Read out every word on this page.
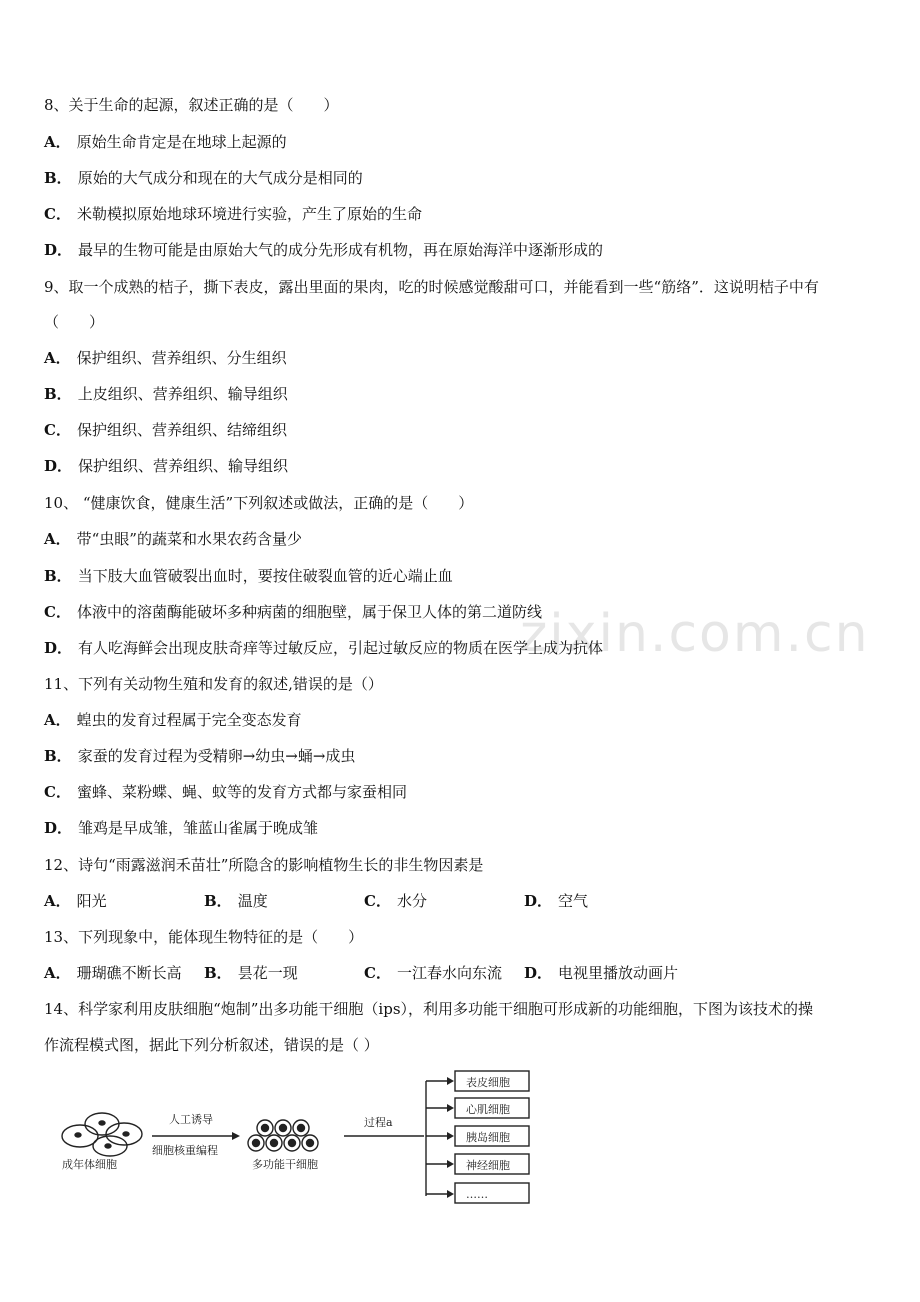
zixin.com.cn
8、关于生命的起源，叙述正确的是（　　）
A． 原始生命肯定是在地球上起源的
B． 原始的大气成分和现在的大气成分是相同的
C． 米勒模拟原始地球环境进行实验，产生了原始的生命
D． 最早的生物可能是由原始大气的成分先形成有机物，再在原始海洋中逐渐形成的
9、取一个成熟的桔子，撕下表皮，露出里面的果肉，吃的时候感觉酸甜可口，并能看到一些“筋络”．这说明桔子中有
（　　）
A． 保护组织、营养组织、分生组织
B． 上皮组织、营养组织、输导组织
C． 保护组织、营养组织、结缔组织
D． 保护组织、营养组织、输导组织
10、 “健康饮食，健康生活”下列叙述或做法，正确的是（　　）
A． 带“虫眼”的蔬菜和水果农药含量少
B． 当下肢大血管破裂出血时，要按住破裂血管的近心端止血
C． 体液中的溶菌酶能破坏多种病菌的细胞壁，属于保卫人体的第二道防线
D． 有人吃海鲜会出现皮肤奇痒等过敏反应，引起过敏反应的物质在医学上成为抗体
11、下列有关动物生殖和发育的叙述,错误的是（）
A． 蝗虫的发育过程属于完全变态发育
B． 家蚕的发育过程为受精卵→幼虫→蛹→成虫
C． 蜜蜂、菜粉蝶、蝇、蚊等的发育方式都与家蚕相同
D． 雏鸡是早成雏，雏蓝山雀属于晚成雏
12、诗句“雨露滋润禾苗壮”所隐含的影响植物生长的非生物因素是
A． 阳光	B． 温度	C． 水分	D． 空气
13、下列现象中，能体现生物特征的是（　　）
A． 珊瑚礁不断长高 B． 昙花一现	C． 一江春水向东流 D． 电视里播放动画片
14、科学家利用皮肤细胞“炮制”出多功能干细胞（ips），利用多功能干细胞可形成新的功能细胞，下图为该技术的操
作流程模式图，据此下列分析叙述，错误的是（ ）
成年体细胞
人工诱导
细胞核重编程
多功能干细胞
过程a
表皮细胞
心肌细胞
胰岛细胞
神经细胞
……
